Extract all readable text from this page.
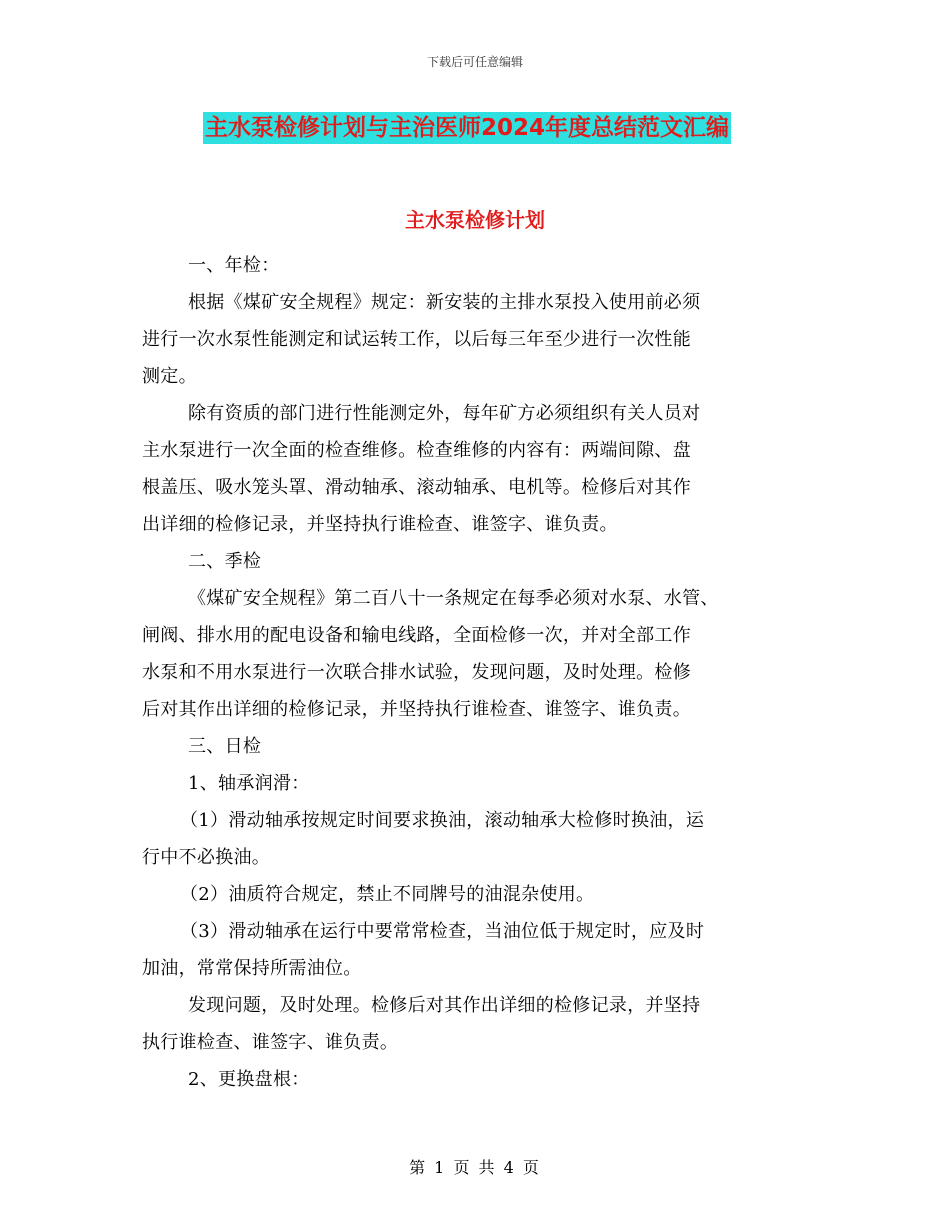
下载后可任意编辑
主水泵检修计划与主治医师2024年度总结范文汇编
主水泵检修计划
一、年检：
根据《煤矿安全规程》规定：新安装的主排水泵投入使用前必须
进行一次水泵性能测定和试运转工作，以后每三年至少进行一次性能
测定。
除有资质的部门进行性能测定外，每年矿方必须组织有关人员对
主水泵进行一次全面的检查维修。检查维修的内容有：两端间隙、盘
根盖压、吸水笼头罩、滑动轴承、滚动轴承、电机等。检修后对其作
出详细的检修记录，并坚持执行谁检查、谁签字、谁负责。
二、季检
《煤矿安全规程》第二百八十一条规定在每季必须对水泵、水管、
闸阀、排水用的配电设备和输电线路，全面检修一次，并对全部工作
水泵和不用水泵进行一次联合排水试验，发现问题，及时处理。检修
后对其作出详细的检修记录，并坚持执行谁检查、谁签字、谁负责。
三、日检
1、轴承润滑：
（1）滑动轴承按规定时间要求换油，滚动轴承大检修时换油，运
行中不必换油。
（2）油质符合规定，禁止不同牌号的油混杂使用。
（3）滑动轴承在运行中要常常检查，当油位低于规定时，应及时
加油，常常保持所需油位。
发现问题，及时处理。检修后对其作出详细的检修记录，并坚持
执行谁检查、谁签字、谁负责。
2、更换盘根：
第 1 页 共 4 页
